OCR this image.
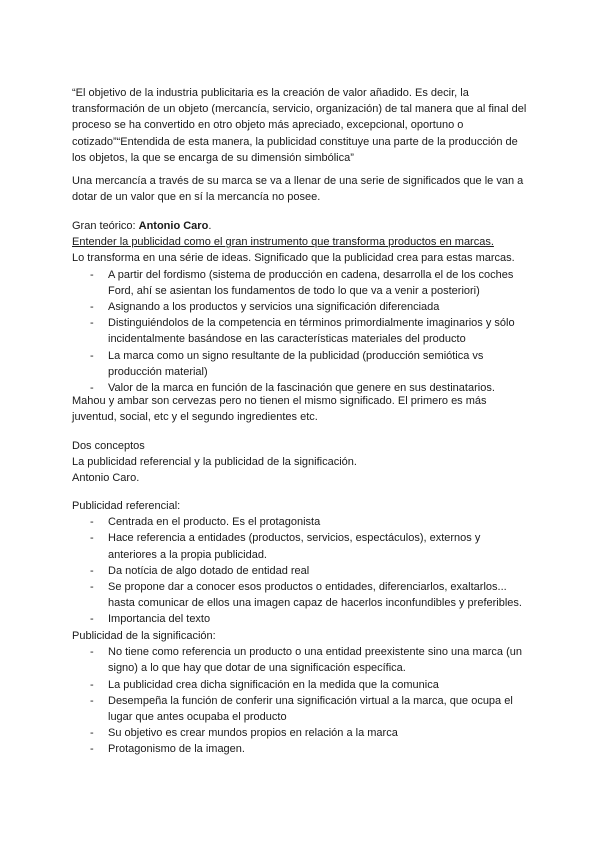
“El objetivo de la industria publicitaria es la creación de valor añadido. Es decir, la transformación de un objeto (mercancía, servicio, organización) de tal manera que al final del proceso se ha convertido en otro objeto más apreciado, excepcional, oportuno o cotizado”“Entendida de esta manera, la publicidad constituye una parte de la producción de los objetos, la que se encarga de su dimensión simbólica”

Una mercancía a través de su marca se va a llenar de una serie de significados que le van a dotar de un valor que en sí la mercancía no posee.

Gran teórico: Antonio Caro.

Entender la publicidad como el gran instrumento que transforma productos en marcas.

Lo transforma en una série de ideas. Significado que la publicidad crea para estas marcas.

- A partir del fordismo (sistema de producción en cadena, desarrolla el de los coches Ford, ahí se asientan los fundamentos de todo lo que va a venir a posteriori)
- Asignando a los productos y servicios una significación diferenciada
- Distinguiéndolos de la competencia en términos primordialmente imaginarios y sólo incidentalmente basándose en las características materiales del producto
- La marca como un signo resultante de la publicidad (producción semiótica vs producción material)
- Valor de la marca en función de la fascinación que genere en sus destinatarios.

Mahou y ambar son cervezas pero no tienen el mismo significado. El primero es más juventud, social, etc y el segundo ingredientes etc.

Dos conceptos

La publicidad referencial y la publicidad de la significación.

Antonio Caro.

Publicidad referencial:

- Centrada en el producto. Es el protagonista
- Hace referencia a entidades (productos, servicios, espectáculos), externos y anteriores a la propia publicidad.
- Da notícia de algo dotado de entidad real
- Se propone dar a conocer esos productos o entidades, diferenciarlos, exaltarlos... hasta comunicar de ellos una imagen capaz de hacerlos inconfundibles y preferibles.
- Importancia del texto

Publicidad de la significación:

- No tiene como referencia un producto o una entidad preexistente sino una marca (un signo) a lo que hay que dotar de una significación específica.
- La publicidad crea dicha significación en la medida que la comunica
- Desempeña la función de conferir una significación virtual a la marca, que ocupa el lugar que antes ocupaba el producto
- Su objetivo es crear mundos propios en relación a la marca
- Protagonismo de la imagen.
